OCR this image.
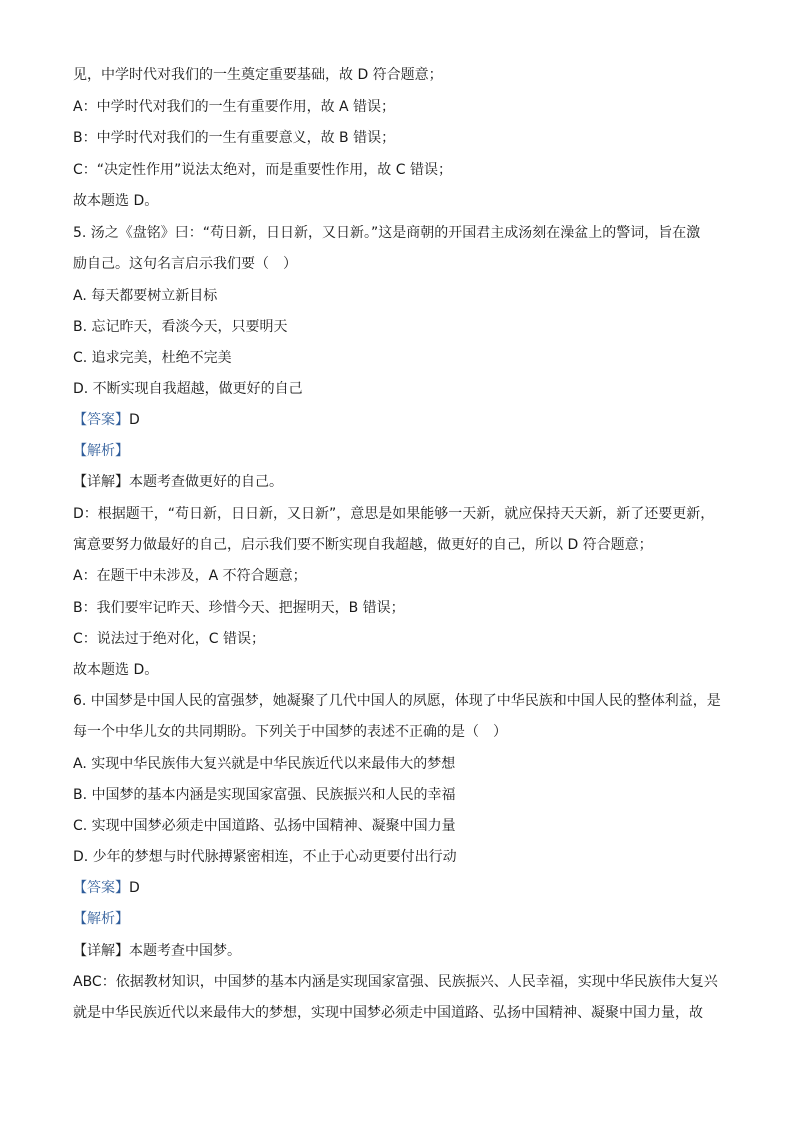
见，中学时代对我们的一生奠定重要基础，故 D 符合题意；
A：中学时代对我们的一生有重要作用，故 A 错误；
B：中学时代对我们的一生有重要意义，故 B 错误；
C：“决定性作用”说法太绝对，而是重要性作用，故 C 错误；
故本题选 D。
5. 汤之《盘铭》曰：“苟日新，日日新，又日新。”这是商朝的开国君主成汤刻在澡盆上的警词，旨在激
励自己。这句名言启示我们要（　）
A. 每天都要树立新目标
B. 忘记昨天，看淡今天，只要明天
C. 追求完美，杜绝不完美
D. 不断实现自我超越，做更好的自己
【答案】D
【解析】
【详解】本题考查做更好的自己。
D：根据题干，“苟日新，日日新，又日新”，意思是如果能够一天新，就应保持天天新，新了还要更新，
寓意要努力做最好的自己，启示我们要不断实现自我超越，做更好的自己，所以 D 符合题意；
A：在题干中未涉及，A 不符合题意；
B：我们要牢记昨天、珍惜今天、把握明天，B 错误；
C：说法过于绝对化，C 错误；
故本题选 D。
6. 中国梦是中国人民的富强梦，她凝聚了几代中国人的夙愿，体现了中华民族和中国人民的整体利益，是
每一个中华儿女的共同期盼。下列关于中国梦的表述不正确的是（　）
A. 实现中华民族伟大复兴就是中华民族近代以来最伟大的梦想
B. 中国梦的基本内涵是实现国家富强、民族振兴和人民的幸福
C. 实现中国梦必须走中国道路、弘扬中国精神、凝聚中国力量
D. 少年的梦想与时代脉搏紧密相连，不止于心动更要付出行动
【答案】D
【解析】
【详解】本题考查中国梦。
ABC：依据教材知识，中国梦的基本内涵是实现国家富强、民族振兴、人民幸福，实现中华民族伟大复兴
就是中华民族近代以来最伟大的梦想，实现中国梦必须走中国道路、弘扬中国精神、凝聚中国力量，故
